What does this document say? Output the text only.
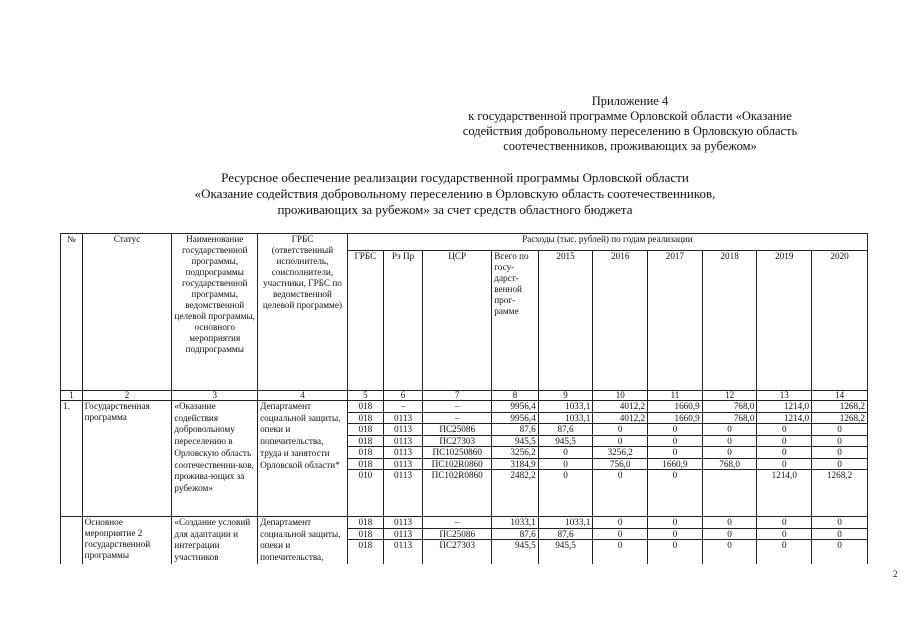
Приложение 4
к государственной программе Орловской области «Оказание
содействия добровольному переселению в Орловскую область
соотечественников, проживающих за рубежом»
Ресурсное обеспечение реализации государственной программы Орловской области
«Оказание содействия добровольному переселению в Орловскую область соотечественников,
проживающих за рубежом» за счет средств областного бюджета
№	Статус	Наименование государственной программы, подпрограммы государственной программы, ведомственной целевой программы, основного мероприятия подпрограммы	ГРБС (ответственный исполнитель, соисполнители, участники, ГРБС по ведомственной целевой программе)	Расходы (тыс. рублей) по годам реализации									
				ГРБС	Рз Пр	ЦСР	Всего по госу-дарст-венной прог-рамме	2015	2016	2017	2018	2019	2020
1	2	3	4	5	6	7	8	9	10	11	12	13	14
1.	Государственная программа	«Оказание содействия добровольному переселению в Орловскую область соотечественни-ков, прожива-ющих за рубежом»	Департамент социальной защиты, опеки и попечительства, труда и занятости Орловской области*	018	–	–	9956,4	1033,1	4012,2	1660,9	768,0	1214,0	1268,2
				018	0113	–	9956,4	1033,1	4012,2	1660,9	768,0	1214,0	1268,2
				018	0113	ПС25086	87,6	87,6	0	0	0	0	0
				018	0113	ПС27303	945,5	945,5	0	0	0	0	0
				018	0113	ПС10250860	3256,2	0	3256,2	0	0	0	0
				018	0113	ПС102R0860	3184,9	0	756,0	1660,9	768,0	0	0
				010	0113	ПС102R0860	2482,2	0	0	0		1214,0	1268,2
	Основное мероприятие 2 государственной программы	«Создание условий для адаптации и интеграции участников	Департамент социальной защиты, опеки и попечительства,	018	0113	–	1033,1	1033,1	0	0	0	0	0
				018	0113	ПС25086	87,6	87,6	0	0	0	0	0
				018	0113	ПС27303	945,5	945,5	0	0	0	0	0
2
